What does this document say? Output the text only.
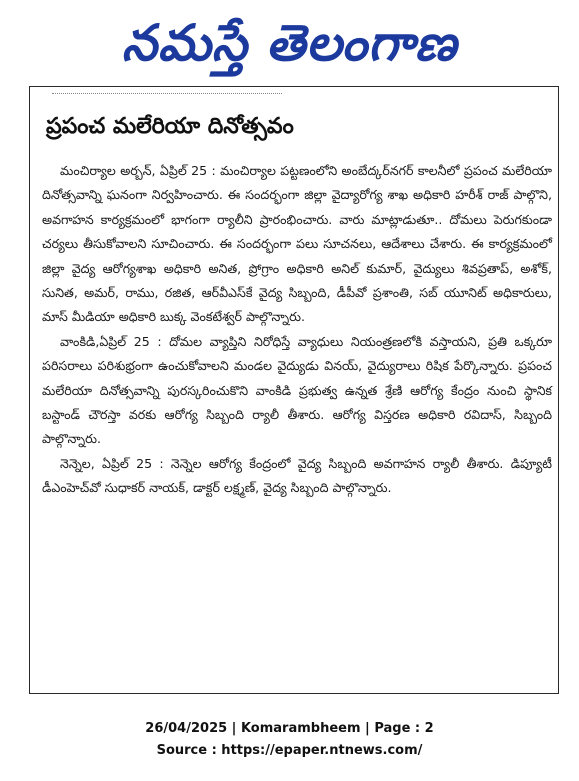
నమస్తే తెలంగాణ
ప్రపంచ మలేరియా దినోత్సవం

మంచిర్యాల అర్బన్, ఏప్రిల్ 25 : మంచిర్యాల పట్టణంలోని అంబేద్కర్‌నగర్ కాలనీలో ప్రపంచ మలేరియా దినోత్సవాన్ని ఘనంగా నిర్వహించారు. ఈ సందర్భంగా జిల్లా వైద్యారోగ్య శాఖ అధికారి హరీశ్ రాజ్ పాల్గొని, అవగాహన కార్యక్రమంలో భాగంగా ర్యాలీని ప్రారంభించారు. వారు మాట్లాడుతూ.. దోమలు పెరుగకుండా చర్యలు తీసుకోవాలని సూచించారు. ఈ సందర్భంగా పలు సూచనలు, ఆదేశాలు చేశారు. ఈ కార్యక్రమంలో జిల్లా వైద్య ఆరోగ్యశాఖ అధికారి అనిత, ప్రోగ్రాం అధికారి అనిల్ కుమార్, వైద్యులు శివప్రతాప్, అశోక్, సునిత, అమర్, రాము, రజిత, ఆర్‌వీఎస్‌కే వైద్య సిబ్బంది, డీపీవో ప్రశాంతి, సబ్ యూనిట్ అధికారులు, మాస్ మీడియా అధికారి బుక్క వెంకటేశ్వర్ పాల్గొన్నారు.

వాంకిడి,ఏప్రిల్ 25 : దోమల వ్యాప్తిని నిరోధిస్తే వ్యాధులు నియంత్రణలోకి వస్తాయని, ప్రతి ఒక్కరూ పరిసరాలు పరిశుభ్రంగా ఉంచుకోవాలని మండల వైద్యుడు వినయ్, వైద్యురాలు రిషిక పేర్కొన్నారు. ప్రపంచ మలేరియా దినోత్సవాన్ని పురస్కరించుకొని వాంకిడి ప్రభుత్వ ఉన్నత శ్రేణి ఆరోగ్య కేంద్రం నుంచి స్థానిక బస్టాండ్ చౌరస్తా వరకు ఆరోగ్య సిబ్బంది ర్యాలీ తీశారు. ఆరోగ్య విస్తరణ అధికారి రవిదాస్, సిబ్బంది పాల్గొన్నారు.

నెన్నెల, ఏప్రిల్ 25 : నెన్నెల ఆరోగ్య కేంద్రంలో వైద్య సిబ్బంది అవగాహన ర్యాలీ తీశారు. డిప్యూటీ డీఎంహెచ్‌వో సుధాకర్ నాయక్, డాక్టర్ లక్ష్మణ్, వైద్య సిబ్బంది పాల్గొన్నారు.

26/04/2025 | Komarambheem | Page : 2
Source : https://epaper.ntnews.com/
